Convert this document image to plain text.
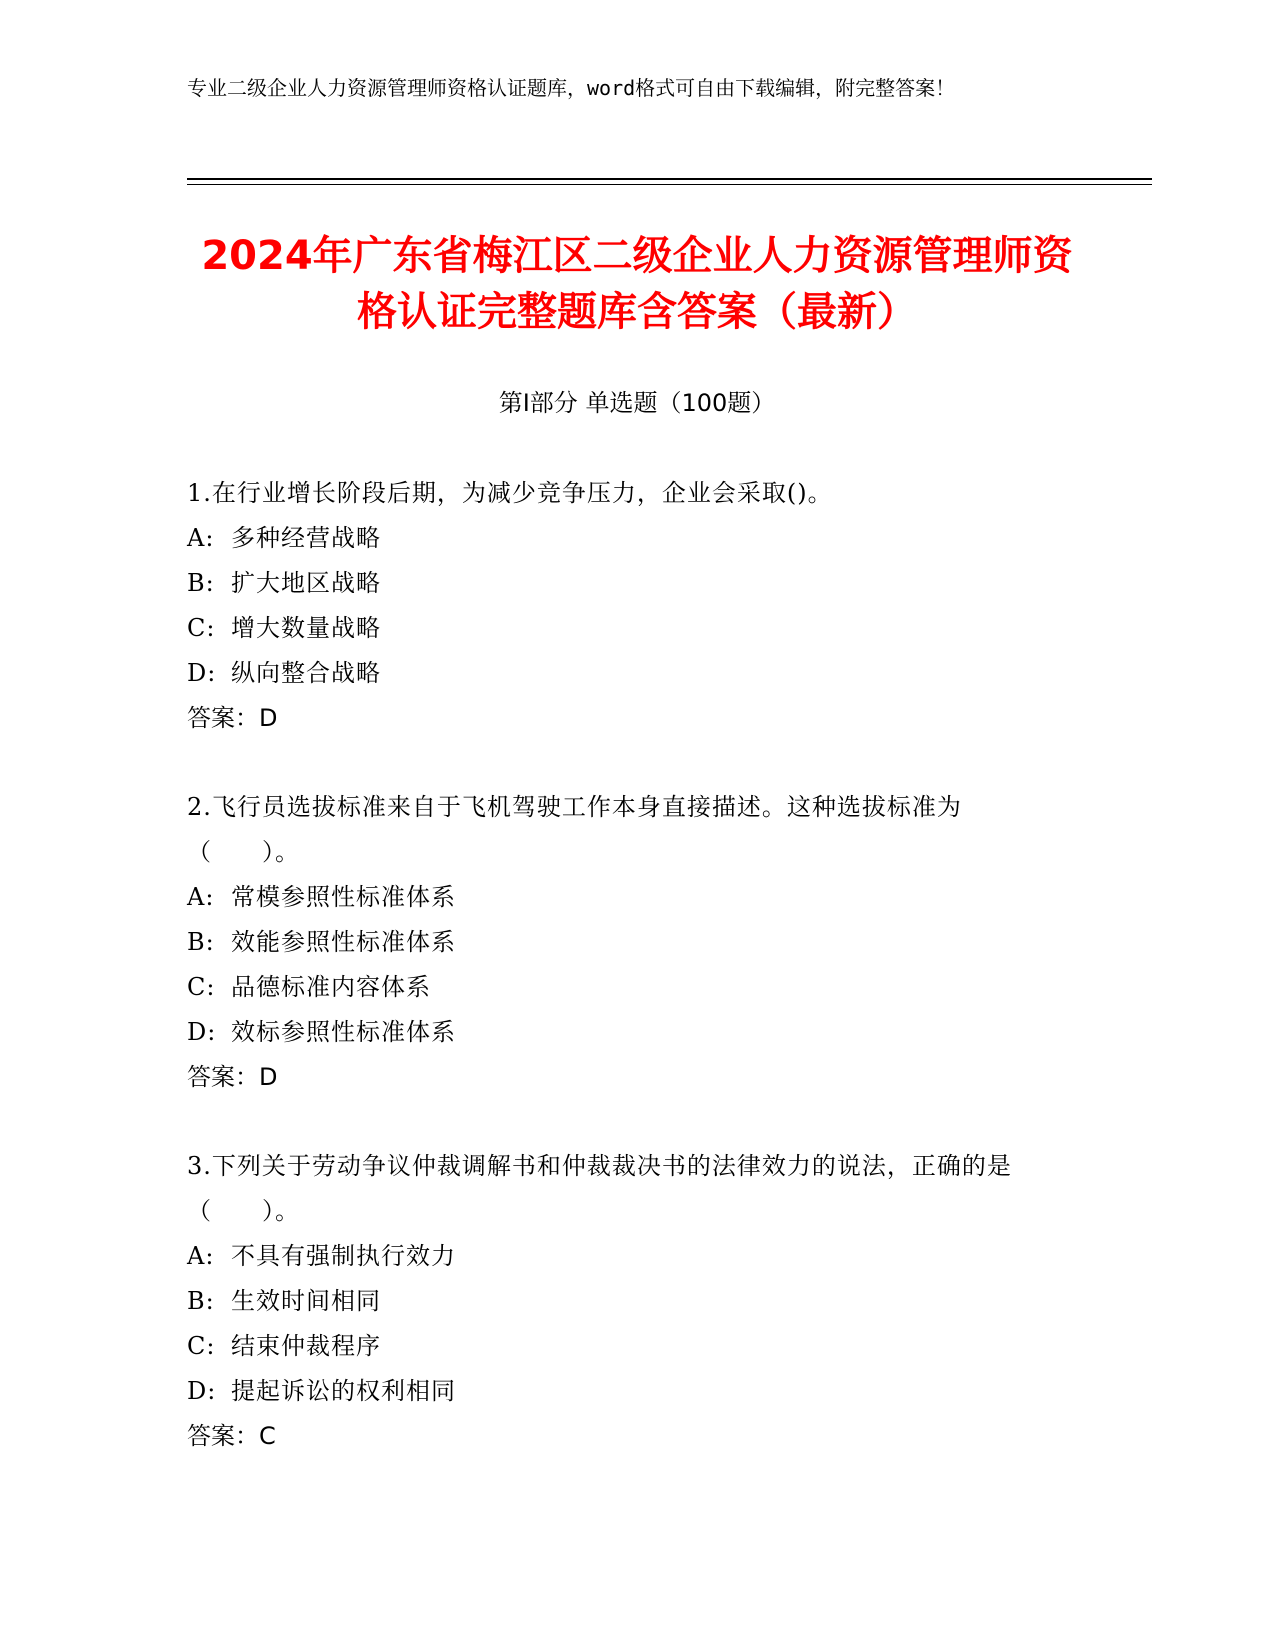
专业二级企业人力资源管理师资格认证题库，word格式可自由下载编辑，附完整答案！
2024年广东省梅江区二级企业人力资源管理师资格认证完整题库含答案（最新）
第I部分 单选题（100题）

1.在行业增长阶段后期，为减少竞争压力，企业会采取()。

A: 多种经营战略
B: 扩大地区战略
C: 增大数量战略
D: 纵向整合战略
答案：D

2.飞行员选拔标准来自于飞机驾驶工作本身直接描述。这种选拔标准为（　　）。

A: 常模参照性标准体系
B: 效能参照性标准体系
C: 品德标准内容体系
D: 效标参照性标准体系
答案：D

3.下列关于劳动争议仲裁调解书和仲裁裁决书的法律效力的说法，正确的是（　　）。

A: 不具有强制执行效力
B: 生效时间相同
C: 结束仲裁程序
D: 提起诉讼的权利相同
答案：C
